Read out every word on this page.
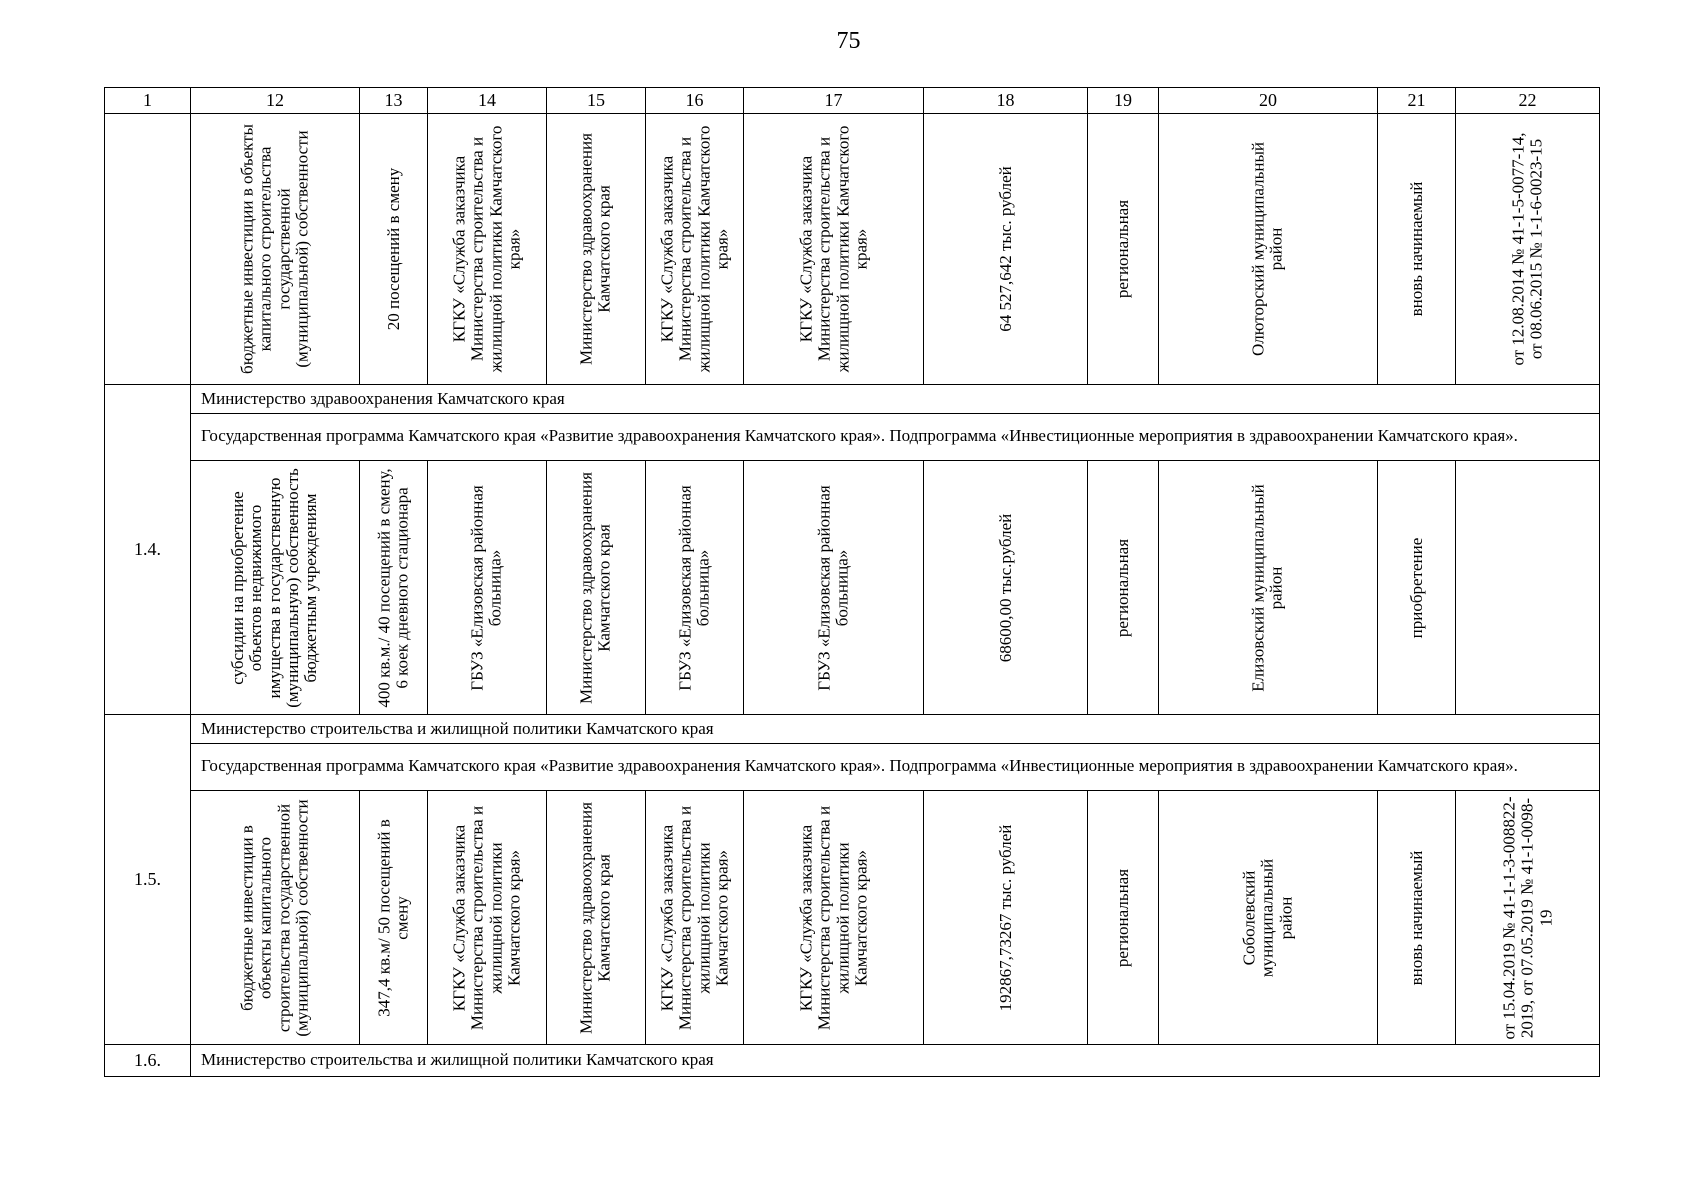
75
1	12	13	14	15	16	17	18	19	20	21	22

	бюджетные инвестиции в объекты капитального строительства государственной (муниципальной) собственности	20 посещений в смену	КГКУ «Служба заказчика Министерства строительства и жилищной политики Камчатского края»	Министерство здравоохранения Камчатского края	КГКУ «Служба заказчика Министерства строительства и жилищной политики Камчатского края»	КГКУ «Служба заказчика Министерства строительства и жилищной политики Камчатского края»	64 527,642 тыс. рублей	региональная	Олюторский муниципальный район	вновь начинаемый	от 12.08.2014 № 41-1-5-0077-14, от 08.06.2015 № 1-1-6-0023-15

1.4.	Министерство здравоохранения Камчатского края										
	Государственная программа Камчатского края «Развитие здравоохранения Камчатского края». Подпрограмма «Инвестиционные мероприятия в здравоохранении Камчатского края».										

	субсидии на приобретение объектов недвижимого имущества в государственную (муниципальную) собственность бюджетным учреждениям	400 кв.м./ 40 посещений в смену, 6 коек дневного стационара	ГБУЗ «Елизовская районная больница»	Министерство здравоохранения Камчатского края	ГБУЗ «Елизовская районная больница»	ГБУЗ «Елизовская районная больница»	68600,00 тыс.рублей	региональная	Елизовский муниципальный район	приобретение	

1.5.	Министерство строительства и жилищной политики Камчатского края										
	Государственная программа Камчатского края «Развитие здравоохранения Камчатского края». Подпрограмма «Инвестиционные мероприятия в здравоохранении Камчатского края».										

	бюджетные инвестиции в объекты капитального строительства государственной (муниципальной) собственности	347,4 кв.м/ 50 посещений в смену	КГКУ «Служба заказчика Министерства строительства и жилищной политики Камчатского края»	Министерство здравоохранения Камчатского края	КГКУ «Служба заказчика Министерства строительства и жилищной политики Камчатского края»	КГКУ «Служба заказчика Министерства строительства и жилищной политики Камчатского края»	192867,73267 тыс. рублей	региональная	Соболевский муниципальный район	вновь начинаемый	от 15.04.2019 № 41-1-1-3-008822-2019, от 07.05.2019 № 41-1-0098-19

1.6.	Министерство строительства и жилищной политики Камчатского края										
